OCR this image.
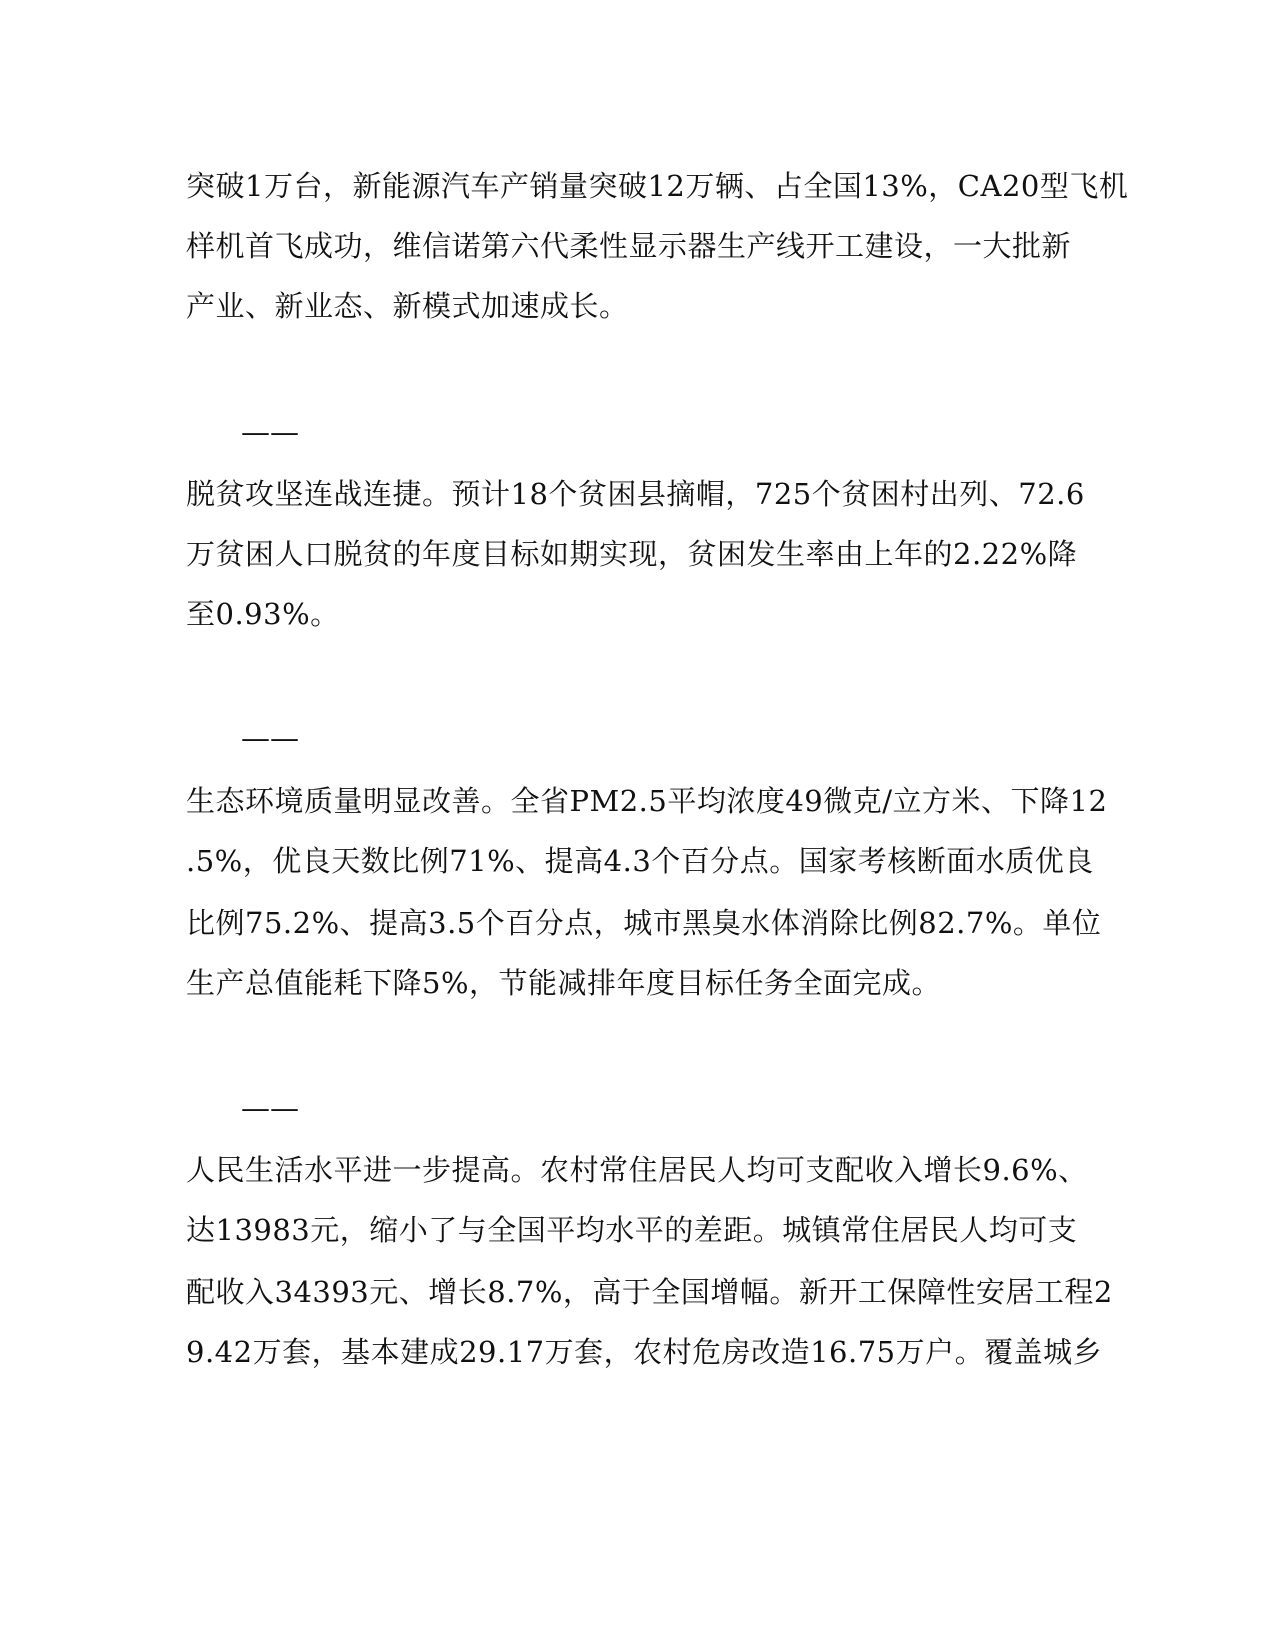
突破1万台，新能源汽车产销量突破12万辆、占全国13%，CA20型飞机
样机首飞成功，维信诺第六代柔性显示器生产线开工建设，一大批新
产业、新业态、新模式加速成长。
——
脱贫攻坚连战连捷。预计18个贫困县摘帽，725个贫困村出列、72.6
万贫困人口脱贫的年度目标如期实现，贫困发生率由上年的2.22%降
至0.93%。
——
生态环境质量明显改善。全省PM2.5平均浓度49微克/立方米、下降12
.5%，优良天数比例71%、提高4.3个百分点。国家考核断面水质优良
比例75.2%、提高3.5个百分点，城市黑臭水体消除比例82.7%。单位
生产总值能耗下降5%，节能减排年度目标任务全面完成。
——
人民生活水平进一步提高。农村常住居民人均可支配收入增长9.6%、
达13983元，缩小了与全国平均水平的差距。城镇常住居民人均可支
配收入34393元、增长8.7%，高于全国增幅。新开工保障性安居工程2
9.42万套，基本建成29.17万套，农村危房改造16.75万户。覆盖城乡
